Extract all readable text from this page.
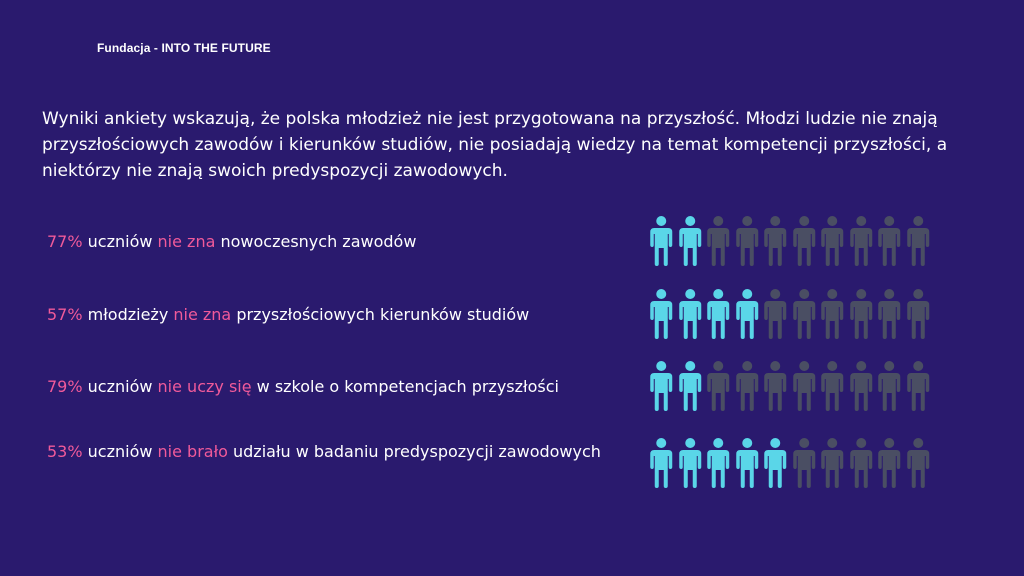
Fundacja - INTO THE FUTURE

Wyniki ankiety wskazują, że polska młodzież nie jest przygotowana na przyszłość. Młodzi ludzie nie znają przyszłościowych zawodów i kierunków studiów, nie posiadają wiedzy na temat kompetencji przyszłości, a niektórzy nie znają swoich predyspozycji zawodowych.

77% uczniów nie zna nowoczesnych zawodów
57% młodzieży nie zna przyszłościowych kierunków studiów
79% uczniów nie uczy się w szkole o kompetencjach przyszłości
53% uczniów nie brało udziału w badaniu predyspozycji zawodowych
